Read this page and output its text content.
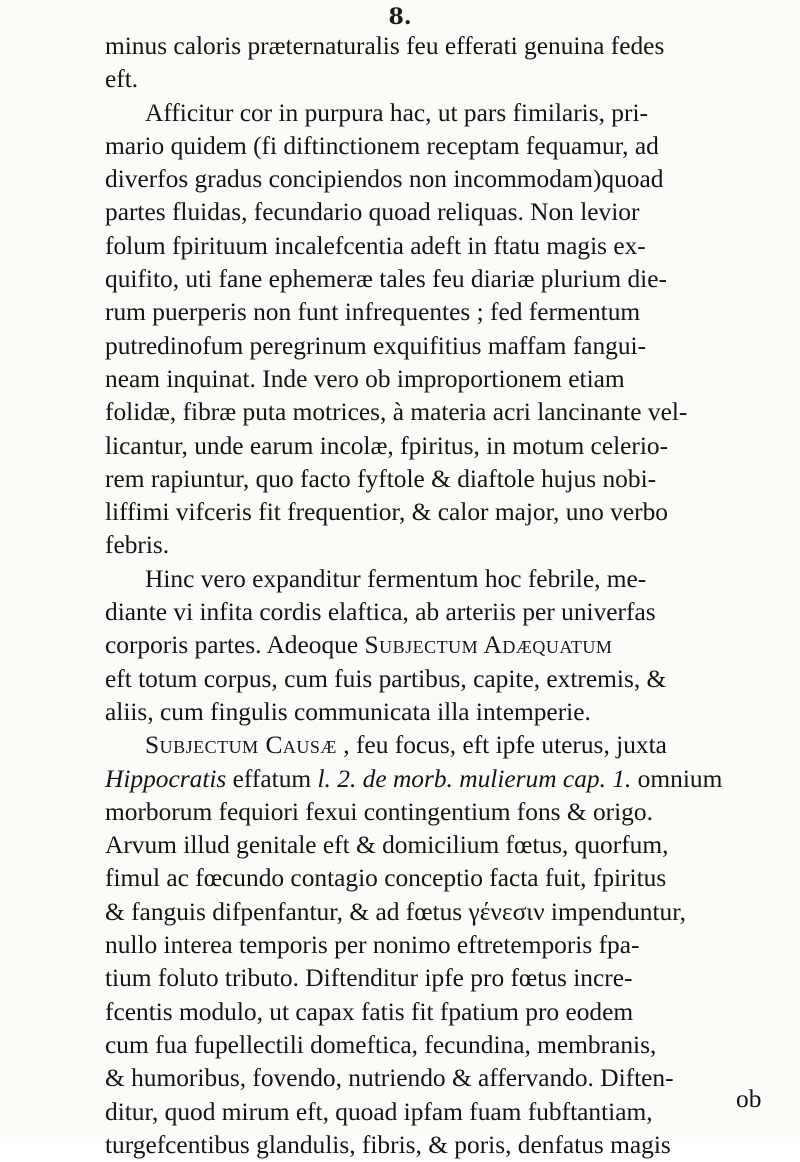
8.
minus caloris præternaturalis feu efferati genuina fedes
eft.
Afficitur cor in purpura hac, ut pars fimilaris, pri-
mario quidem (fi diftinctionem receptam fequamur, ad
diverfos gradus concipiendos non incommodam)quoad
partes fluidas, fecundario quoad reliquas. Non levior
folum fpirituum incalefcentia adeft in ftatu magis ex-
quifito, uti fane ephemeræ tales feu diariæ plurium die-
rum puerperis non funt infrequentes ; fed fermentum
putredinofum peregrinum exquifitius maffam fangui-
neam inquinat. Inde vero ob improportionem etiam
folidæ, fibræ puta motrices, à materia acri lancinante vel-
licantur, unde earum incolæ, fpiritus, in motum celerio-
rem rapiuntur, quo facto fyftole & diaftole hujus nobi-
liffimi vifceris fit frequentior, & calor major, uno verbo
febris.
Hinc vero expanditur fermentum hoc febrile, me-
diante vi infita cordis elaftica, ab arteriis per univerfas
corporis partes. Adeoque Subjectum Adæquatum
eft totum corpus, cum fuis partibus, capite, extremis, &
aliis, cum fingulis communicata illa intemperie.
Subjectum Causæ , feu focus, eft ipfe uterus, juxta
Hippocratis effatum l. 2. de morb. mulierum cap. 1. omnium
morborum fequiori fexui contingentium fons & origo.
Arvum illud genitale eft & domicilium fœtus, quorfum,
fimul ac fœcundo contagio conceptio facta fuit, fpiritus
& fanguis difpenfantur, & ad fœtus γένεσιν impenduntur,
nullo interea temporis per nonimo eftretemporis fpa-
tium foluto tributo. Diftenditur ipfe pro fœtus incre-
fcentis modulo, ut capax fatis fit fpatium pro eodem
cum fua fupellectili domeftica, fecundina, membranis,
& humoribus, fovendo, nutriendo & affervando. Diften-
ditur, quod mirum eft, quoad ipfam fuam fubftantiam,
turgefcentibus glandulis, fibris, & poris, denfatus magis
ob
